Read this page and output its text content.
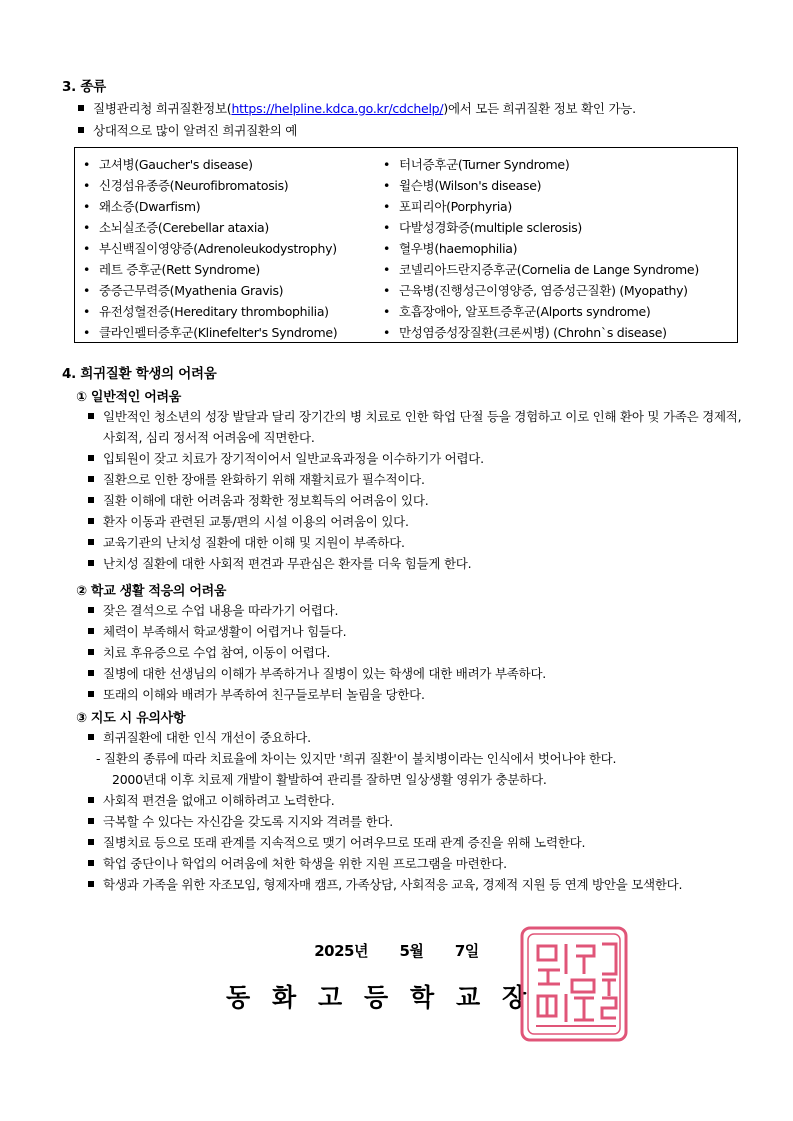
3. 종류
질병관리청 희귀질환정보(https://helpline.kdca.go.kr/cdchelp/)에서 모든 희귀질환 정보 확인 가능.
상대적으로 많이 알려진 희귀질환의 예
• 고셔병(Gaucher's disease)
• 신경섬유종증(Neurofibromatosis)
• 왜소증(Dwarfism)
• 소뇌실조증(Cerebellar ataxia)
• 부신백질이영양증(Adrenoleukodystrophy)
• 레트 증후군(Rett Syndrome)
• 중증근무력증(Myathenia Gravis)
• 유전성혈전증(Hereditary thrombophilia)
• 클라인펠터증후군(Klinefelter's Syndrome)
• 터너증후군(Turner Syndrome)
• 윌슨병(Wilson's disease)
• 포피리아(Porphyria)
• 다발성경화증(multiple sclerosis)
• 혈우병(haemophilia)
• 코넬리아드란지증후군(Cornelia de Lange Syndrome)
• 근육병(진행성근이영양증, 염증성근질환) (Myopathy)
• 호흡장애아, 알포트증후군(Alports syndrome)
• 만성염증성장질환(크론씨병) (Chrohn`s disease)
4. 희귀질환 학생의 어려움
① 일반적인 어려움
일반적인 청소년의 성장 발달과 달리 장기간의 병 치료로 인한 학업 단절 등을 경험하고 이로 인해 환아 및 가족은 경제적, 사회적, 심리 정서적 어려움에 직면한다.
입퇴원이 잦고 치료가 장기적이어서 일반교육과정을 이수하기가 어렵다.
질환으로 인한 장애를 완화하기 위해 재활치료가 필수적이다.
질환 이해에 대한 어려움과 정확한 정보획득의 어려움이 있다.
환자 이동과 관련된 교통/편의 시설 이용의 어려움이 있다.
교육기관의 난치성 질환에 대한 이해 및 지원이 부족하다.
난치성 질환에 대한 사회적 편견과 무관심은 환자를 더욱 힘들게 한다.
② 학교 생활 적응의 어려움
잦은 결석으로 수업 내용을 따라가기 어렵다.
체력이 부족해서 학교생활이 어렵거나 힘들다.
치료 후유증으로 수업 참여, 이동이 어렵다.
질병에 대한 선생님의 이해가 부족하거나 질병이 있는 학생에 대한 배려가 부족하다.
또래의 이해와 배려가 부족하여 친구들로부터 놀림을 당한다.
③ 지도 시 유의사항
희귀질환에 대한 인식 개선이 중요하다.
- 질환의 종류에 따라 치료율에 차이는 있지만 '희귀 질환'이 불치병이라는 인식에서 벗어나야 한다.
2000년대 이후 치료제 개발이 활발하여 관리를 잘하면 일상생활 영위가 충분하다.
사회적 편견을 없애고 이해하려고 노력한다.
극복할 수 있다는 자신감을 갖도록 지지와 격려를 한다.
질병치료 등으로 또래 관계를 지속적으로 맺기 어려우므로 또래 관계 증진을 위해 노력한다.
학업 중단이나 학업의 어려움에 처한 학생을 위한 지원 프로그램을 마련한다.
학생과 가족을 위한 자조모임, 형제자매 캠프, 가족상담, 사회적응 교육, 경제적 지원 등 연계 방안을 모색한다.
2025년 5월 7일
동 화 고 등 학 교 장
